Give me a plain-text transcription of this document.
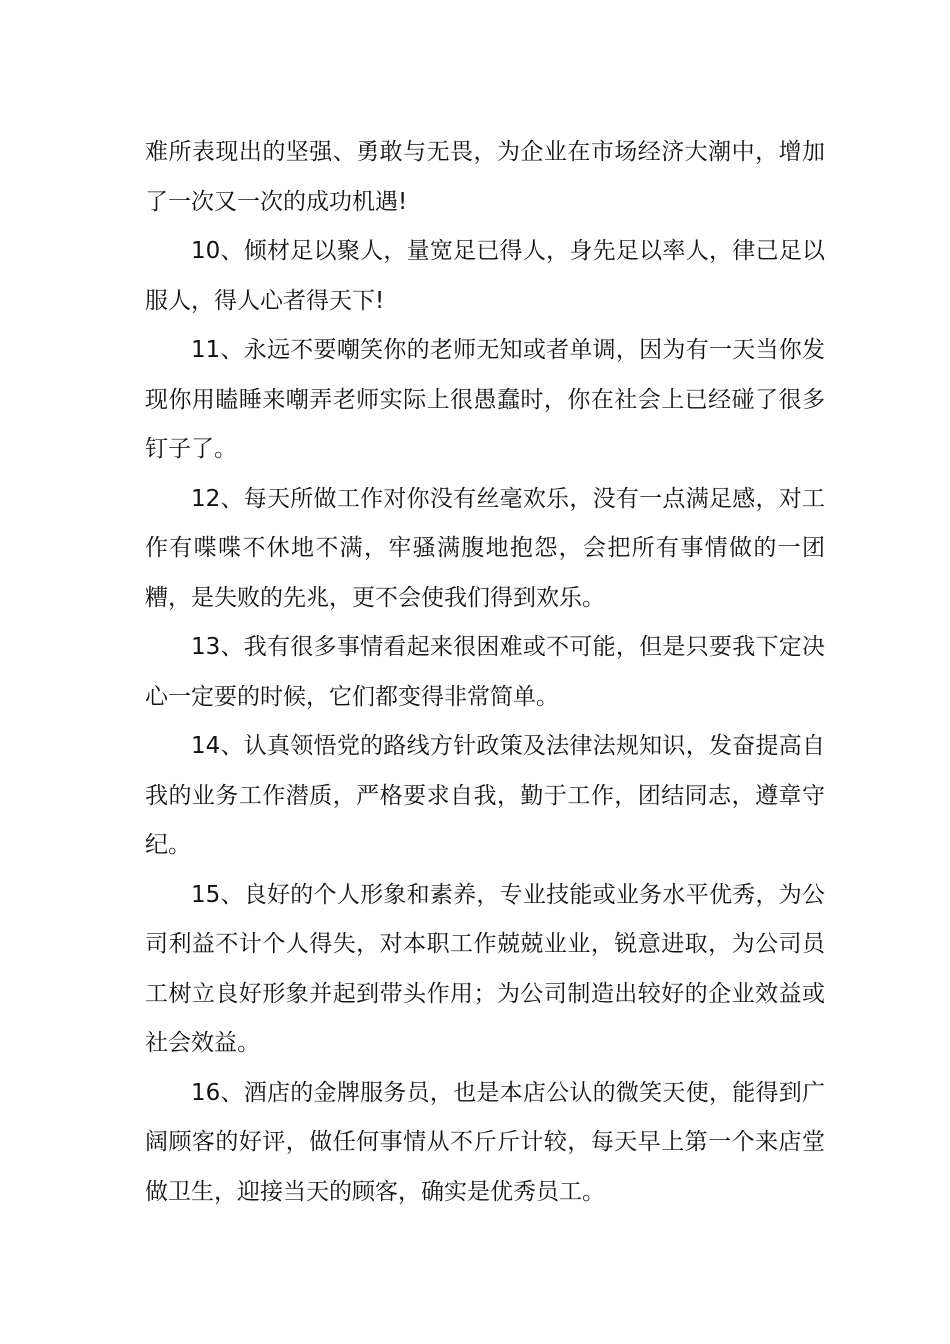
难所表现出的坚强、勇敢与无畏，为企业在市场经济大潮中，增加了一次又一次的成功机遇!

10、倾材足以聚人，量宽足已得人，身先足以率人，律己足以服人，得人心者得天下!

11、永远不要嘲笑你的老师无知或者单调，因为有一天当你发现你用瞌睡来嘲弄老师实际上很愚蠢时，你在社会上已经碰了很多钉子了。

12、每天所做工作对你没有丝毫欢乐，没有一点满足感，对工作有喋喋不休地不满，牢骚满腹地抱怨，会把所有事情做的一团糟，是失败的先兆，更不会使我们得到欢乐。

13、我有很多事情看起来很困难或不可能，但是只要我下定决心一定要的时候，它们都变得非常简单。

14、认真领悟党的路线方针政策及法律法规知识，发奋提高自我的业务工作潜质，严格要求自我，勤于工作，团结同志，遵章守纪。

15、良好的个人形象和素养，专业技能或业务水平优秀，为公司利益不计个人得失，对本职工作兢兢业业，锐意进取，为公司员工树立良好形象并起到带头作用；为公司制造出较好的企业效益或社会效益。

16、酒店的金牌服务员，也是本店公认的微笑天使，能得到广阔顾客的好评，做任何事情从不斤斤计较，每天早上第一个来店堂做卫生，迎接当天的顾客，确实是优秀员工。
